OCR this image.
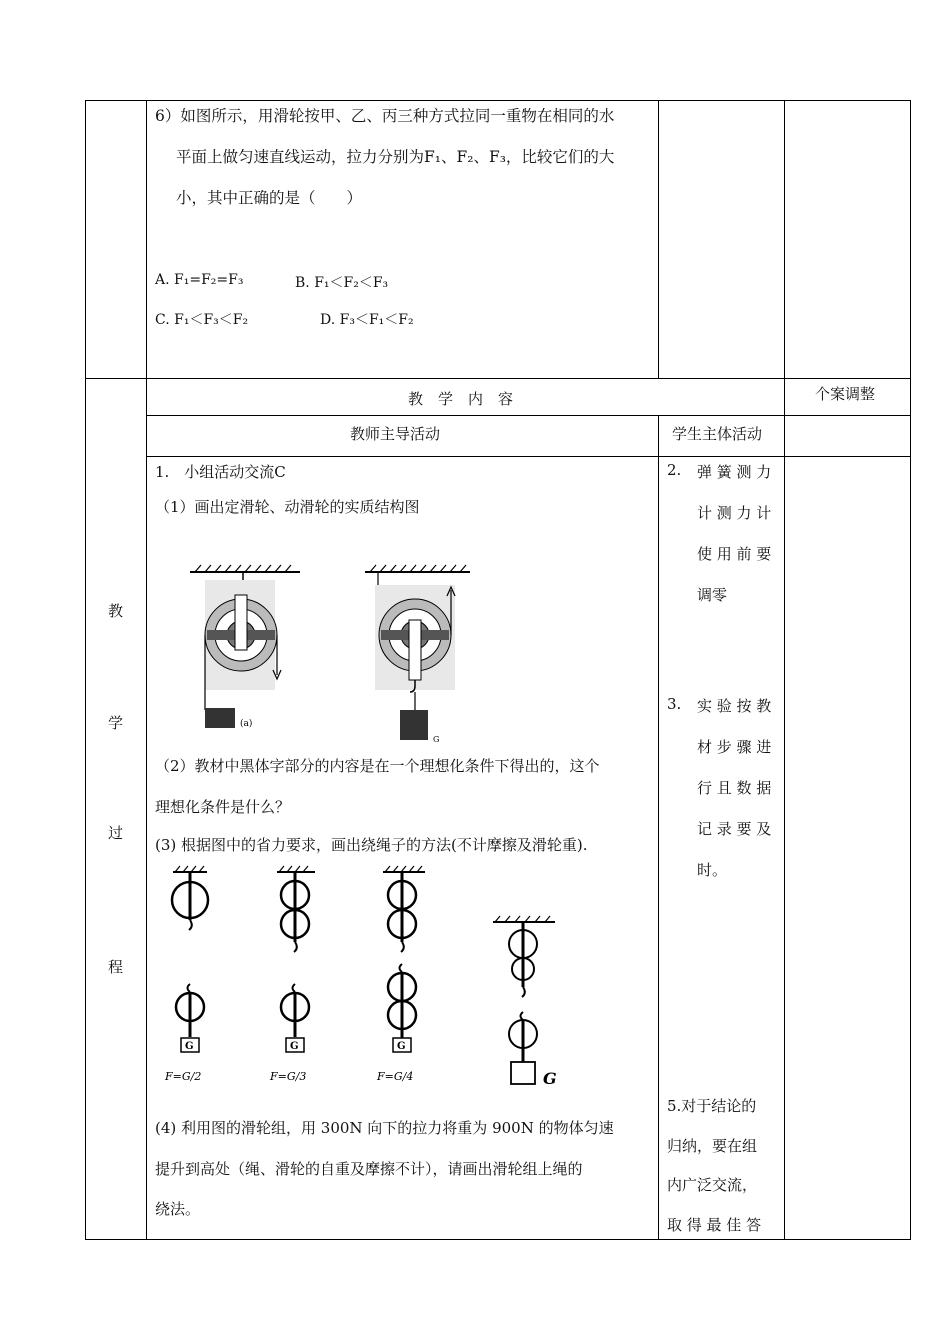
6）如图所示，用滑轮按甲、乙、丙三种方式拉同一重物在相同的水
平面上做匀速直线运动，拉力分别为F₁、F₂、F₃，比较它们的大
小，其中正确的是（　　）
A. F₁=F₂=F₃	B. F₁＜F₂＜F₃
C. F₁＜F₃＜F₂	D. F₃＜F₁＜F₂
教　学　内　容	个案调整
教师主导活动	学生主体活动
教
学
过
程
1.　小组活动交流C
（1）画出定滑轮、动滑轮的实质结构图
(a)
G
（2）教材中黑体字部分的内容是在一个理想化条件下得出的，这个
理想化条件是什么？
(3) 根据图中的省力要求，画出绕绳子的方法(不计摩擦及滑轮重).
G
F=G/2
G
F=G/3
G
F=G/4	G
(4) 利用图的滑轮组，用 300N 向下的拉力将重为 900N 的物体匀速
提升到高处（绳、滑轮的自重及摩擦不计），请画出滑轮组上绳的
绕法。
2. 弹 簧 测 力
计 测 力 计
使 用 前 要
调零
3. 实 验 按 教
材 步 骤 进
行 且 数 据
记 录 要 及
时。
5.对于结论的
归纳，要在组
内广泛交流，
取 得 最 佳 答
